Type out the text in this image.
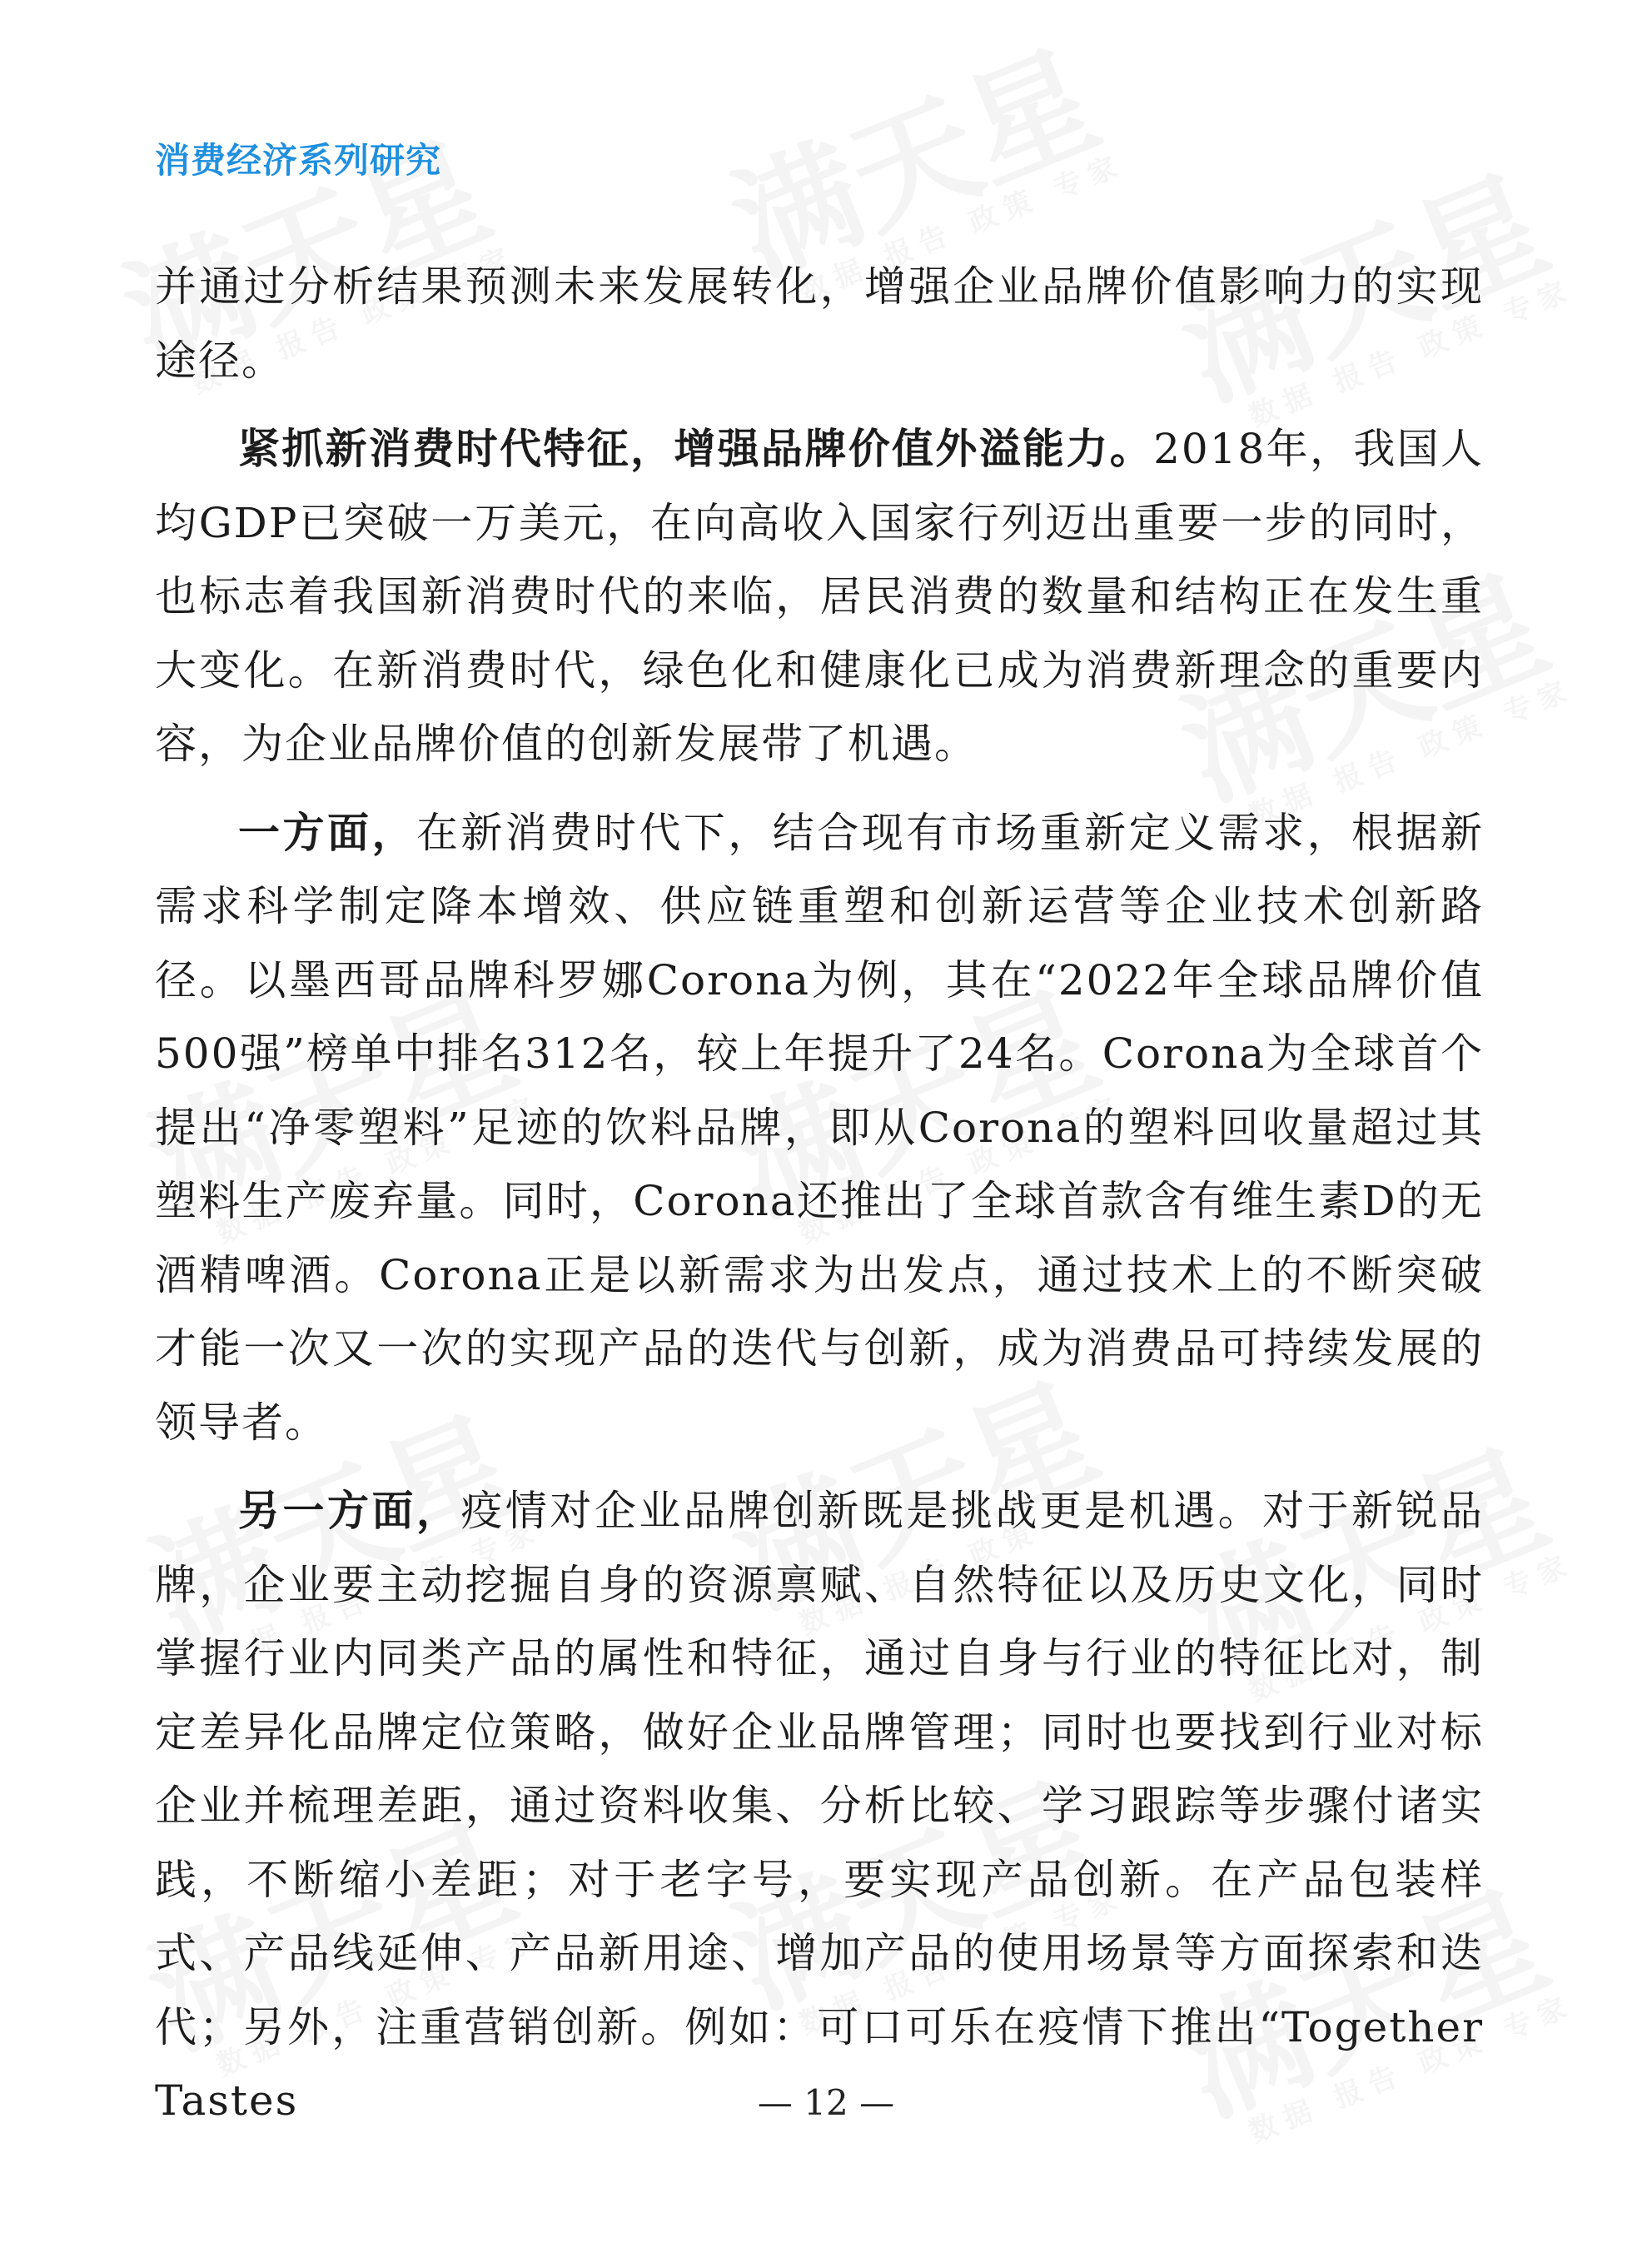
消费经济系列研究

并通过分析结果预测未来发展转化，增强企业品牌价值影响力的实现
途径。

紧抓新消费时代特征，增强品牌价值外溢能力。2018年，我国人均GDP已突破一万美元，在向高收入国家行列迈出重要一步的同时，也标志着我国新消费时代的来临，居民消费的数量和结构正在发生重大变化。在新消费时代，绿色化和健康化已成为消费新理念的重要内容，为企业品牌价值的创新发展带了机遇。

一方面，在新消费时代下，结合现有市场重新定义需求，根据新需求科学制定降本增效、供应链重塑和创新运营等企业技术创新路径。以墨西哥品牌科罗娜Corona为例，其在“2022年全球品牌价值500强”榜单中排名312名，较上年提升了24名。Corona为全球首个提出“净零塑料”足迹的饮料品牌，即从Corona的塑料回收量超过其塑料生产废弃量。同时，Corona还推出了全球首款含有维生素D的无酒精啤酒。Corona正是以新需求为出发点，通过技术上的不断突破才能一次又一次的实现产品的迭代与创新，成为消费品可持续发展的领导者。

另一方面，疫情对企业品牌创新既是挑战更是机遇。对于新锐品牌，企业要主动挖掘自身的资源禀赋、自然特征以及历史文化，同时掌握行业内同类产品的属性和特征，通过自身与行业的特征比对，制定差异化品牌定位策略，做好企业品牌管理；同时也要找到行业对标企业并梳理差距，通过资料收集、分析比较、学习跟踪等步骤付诸实践，不断缩小差距；对于老字号，要实现产品创新。在产品包装样式、产品线延伸、产品新用途、增加产品的使用场景等方面探索和迭代；另外，注重营销创新。例如：可口可乐在疫情下推出“Together Tastes	— 12 —
